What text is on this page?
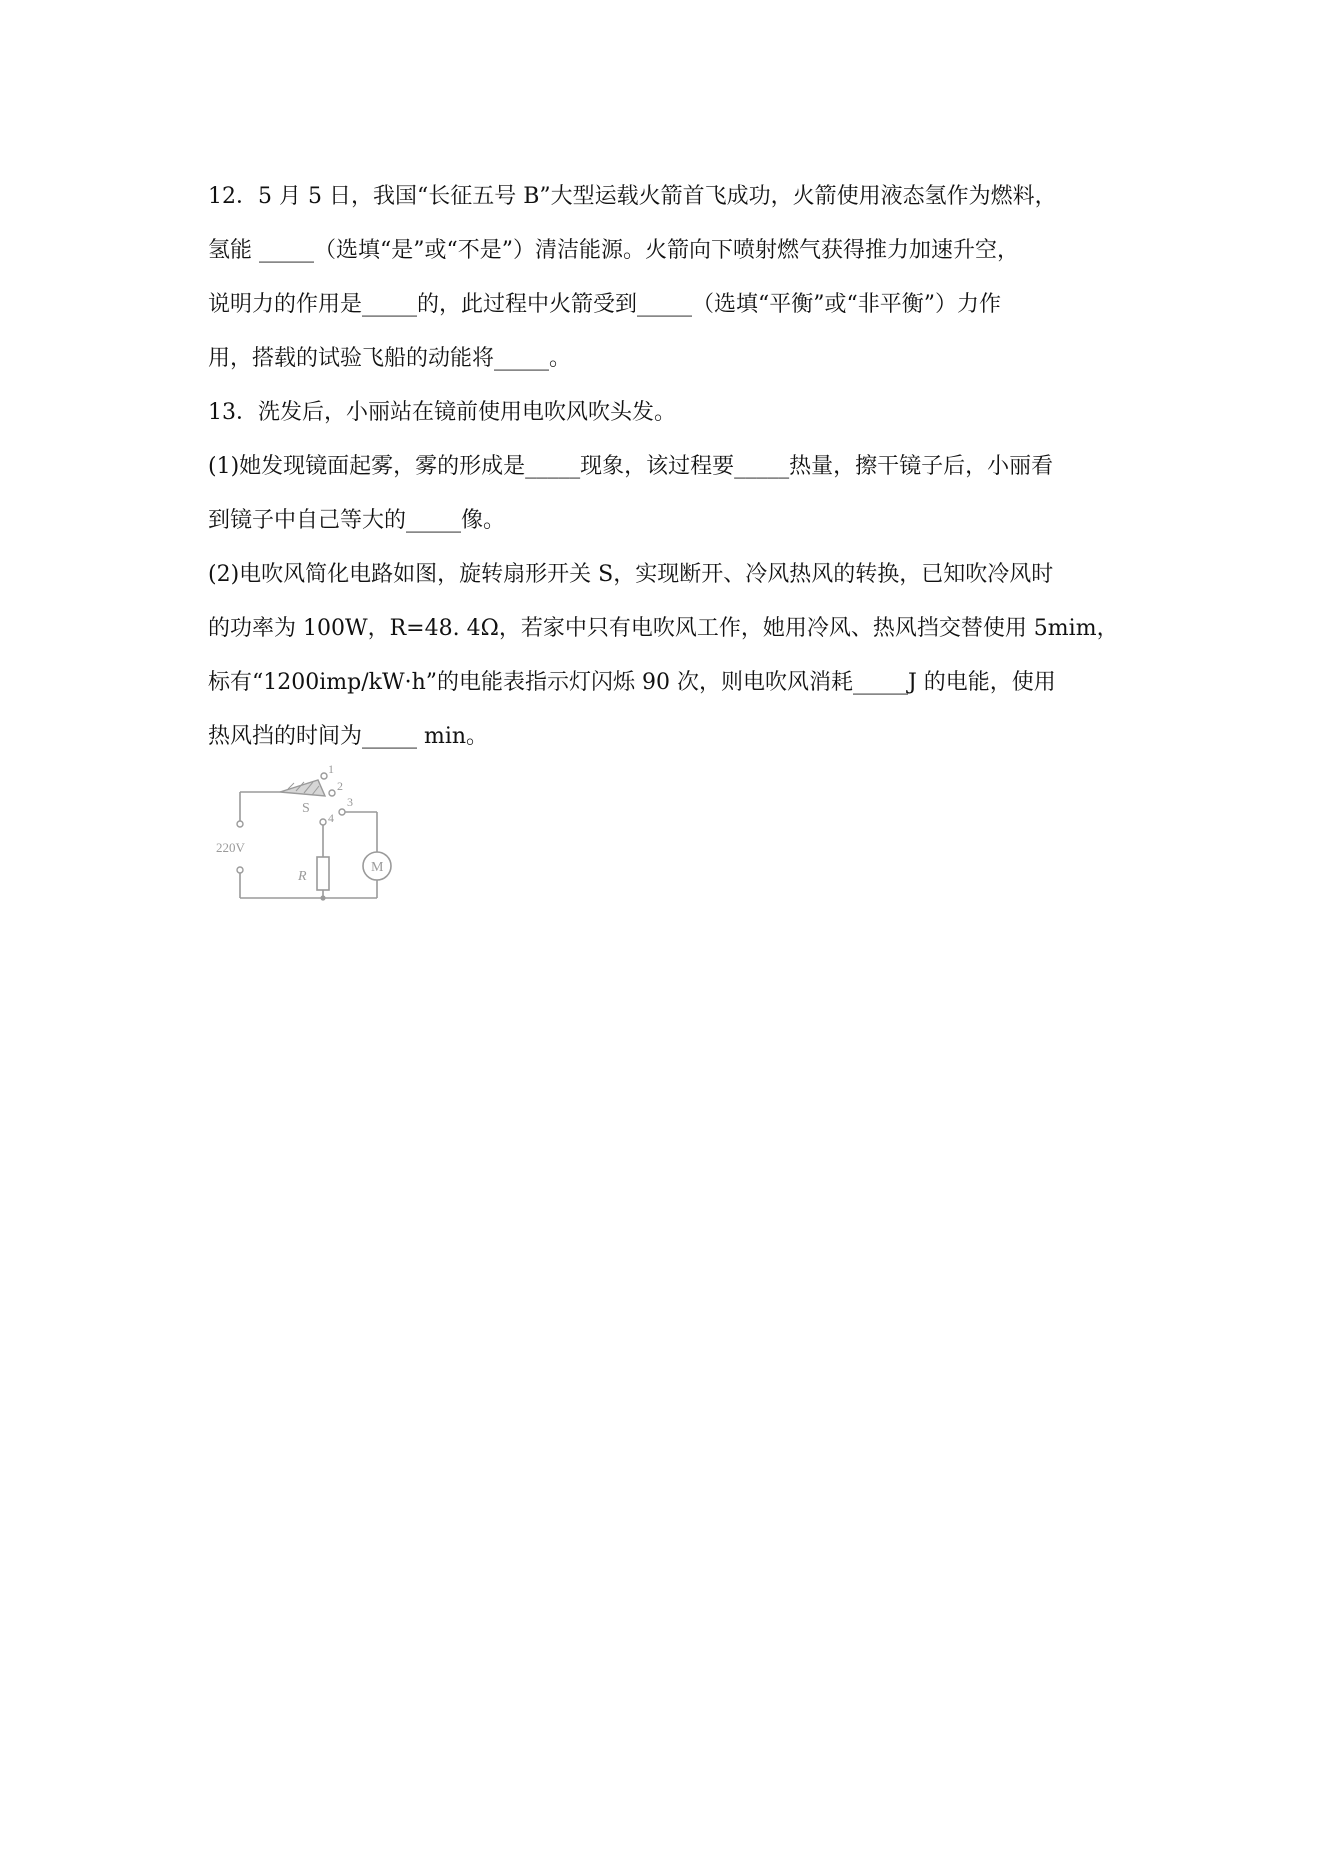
12．5 月 5 日，我国“长征五号 B”大型运载火箭首飞成功，火箭使用液态氢作为燃料，
氢能 _____（选填“是”或“不是”）清洁能源。火箭向下喷射燃气获得推力加速升空，
说明力的作用是_____的，此过程中火箭受到_____（选填“平衡”或“非平衡”）力作
用，搭载的试验飞船的动能将_____。
13．洗发后，小丽站在镜前使用电吹风吹头发。
(1)她发现镜面起雾，雾的形成是_____现象，该过程要_____热量，擦干镜子后，小丽看
到镜子中自己等大的_____像。
(2)电吹风简化电路如图，旋转扇形开关 S，实现断开、冷风热风的转换，已知吹冷风时
的功率为 100W，R=48. 4Ω，若家中只有电吹风工作，她用冷风、热风挡交替使用 5mim，
标有“1200imp/kW·h”的电能表指示灯闪烁 90 次，则电吹风消耗_____J 的电能，使用
热风挡的时间为_____ min。
220V
S
R
M
1
2
3
4
